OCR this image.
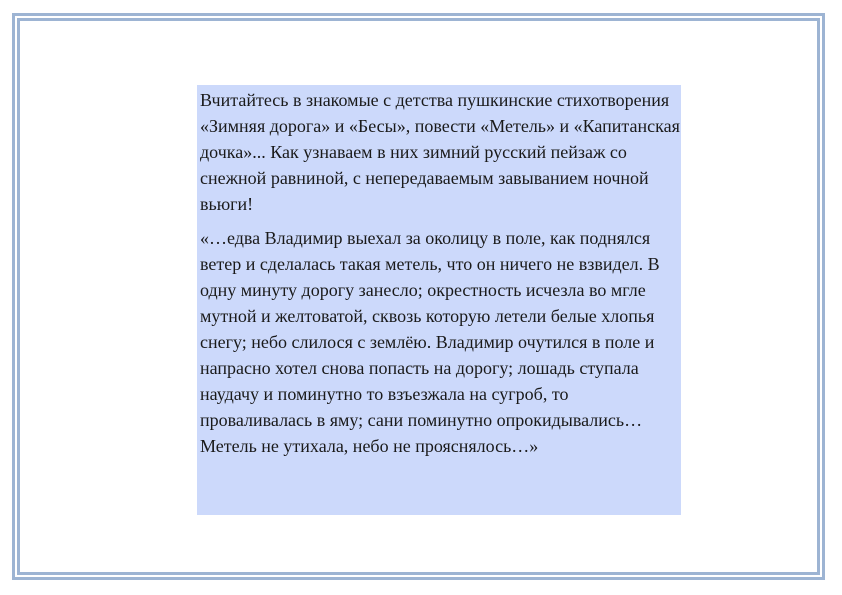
Вчитайтесь в знакомые с детства пушкинские стихотворения «Зимняя дорога» и «Бесы», повести «Метель» и «Капитанская дочка»... Как узнаваем в них зимний русский пейзаж со снежной равниной, с непередаваемым завыванием ночной вьюги!

«…едва Владимир выехал за околицу в поле, как поднялся ветер и сделалась такая метель, что он ничего не взвидел. В одну минуту дорогу занесло; окрестность исчезла во мгле мутной и желтоватой, сквозь которую летели белые хлопья снегу; небо слилося с землёю. Владимир очутился в поле и напрасно хотел снова попасть на дорогу; лошадь ступала наудачу и поминутно то взъезжала на сугроб, то проваливалась в яму; сани поминутно опрокидывались… Метель не утихала, небо не прояснялось…»
